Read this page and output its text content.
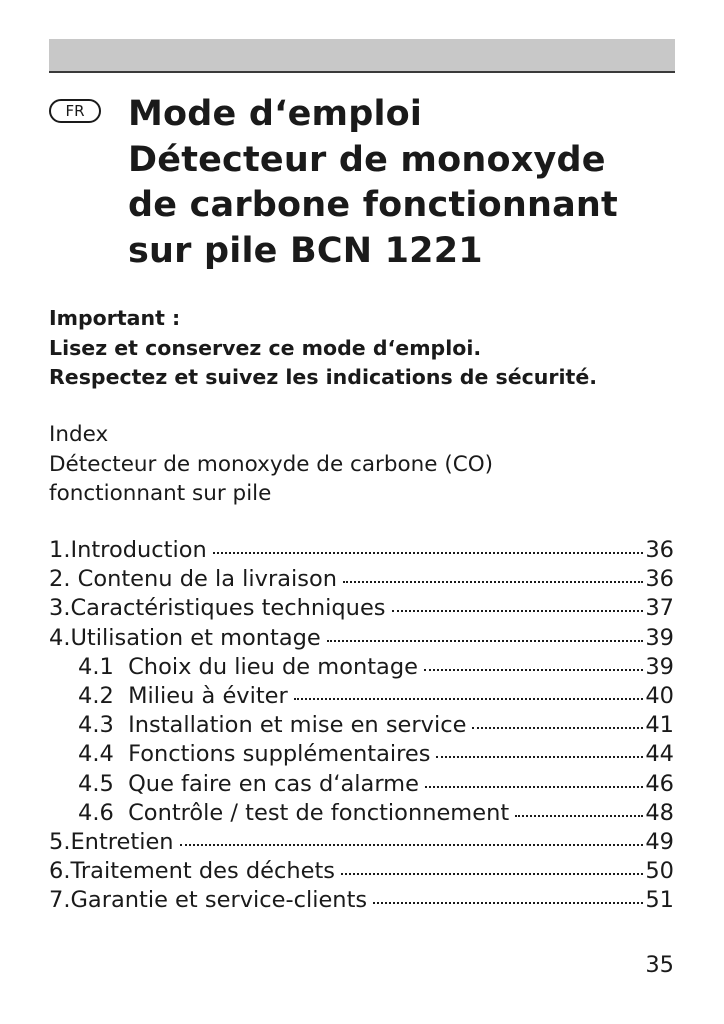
FR	Mode d‘emploi
Détecteur de monoxyde
de carbone fonctionnant
sur pile BCN 1221
Important :
Lisez et conservez ce mode d‘emploi.
Respectez et suivez les indications de sécurité.
Index
Détecteur de monoxyde de carbone (CO)
fonctionnant sur pile
1. Introduction	36
2. Contenu de la livraison	36
3. Caractéristiques techniques	37
4. Utilisation et montage	39
4.1 Choix du lieu de montage	39
4.2 Milieu à éviter	40
4.3 Installation et mise en service	41
4.4 Fonctions supplémentaires	44
4.5 Que faire en cas d‘alarme	46
4.6 Contrôle / test de fonctionnement	48
5. Entretien	49
6. Traitement des déchets	50
7. Garantie et service-clients	51
35
